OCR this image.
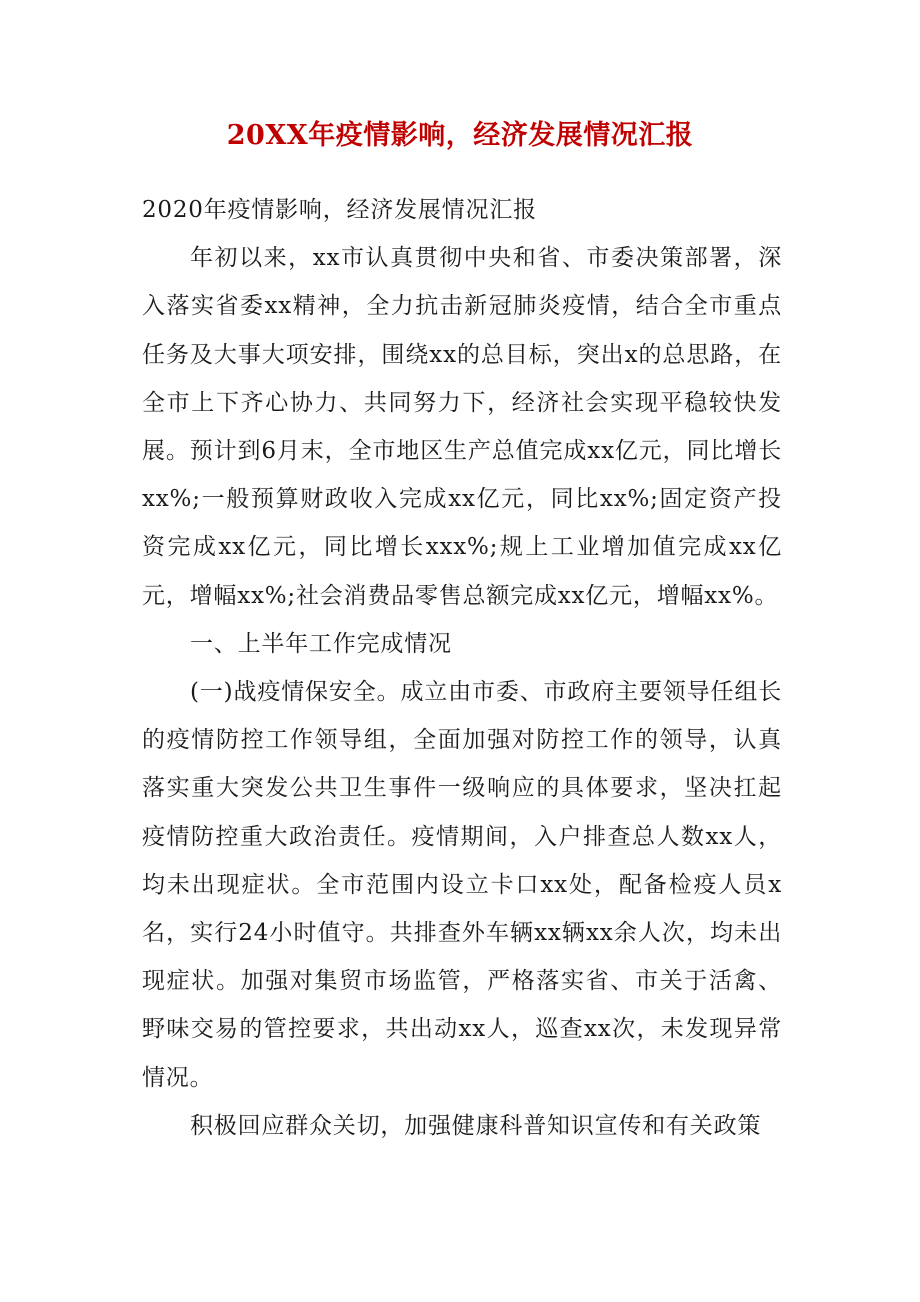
20XX年疫情影响，经济发展情况汇报

2020年疫情影响，经济发展情况汇报

年初以来，xx市认真贯彻中央和省、市委决策部署，深入落实省委xx精神，全力抗击新冠肺炎疫情，结合全市重点任务及大事大项安排，围绕xx的总目标，突出x的总思路，在全市上下齐心协力、共同努力下，经济社会实现平稳较快发展。预计到6月末，全市地区生产总值完成xx亿元，同比增长xx%;一般预算财政收入完成xx亿元，同比xx%;固定资产投资完成xx亿元，同比增长xxx%;规上工业增加值完成xx亿元，增幅xx%;社会消费品零售总额完成xx亿元，增幅xx%。

一、上半年工作完成情况

(一)战疫情保安全。成立由市委、市政府主要领导任组长的疫情防控工作领导组，全面加强对防控工作的领导，认真落实重大突发公共卫生事件一级响应的具体要求，坚决扛起疫情防控重大政治责任。疫情期间，入户排查总人数xx人，均未出现症状。全市范围内设立卡口xx处，配备检疫人员x名，实行24小时值守。共排查外车辆xx辆xx余人次，均未出现症状。加强对集贸市场监管，严格落实省、市关于活禽、野味交易的管控要求，共出动xx人，巡查xx次，未发现异常情况。

积极回应群众关切，加强健康科普知识宣传和有关政策
